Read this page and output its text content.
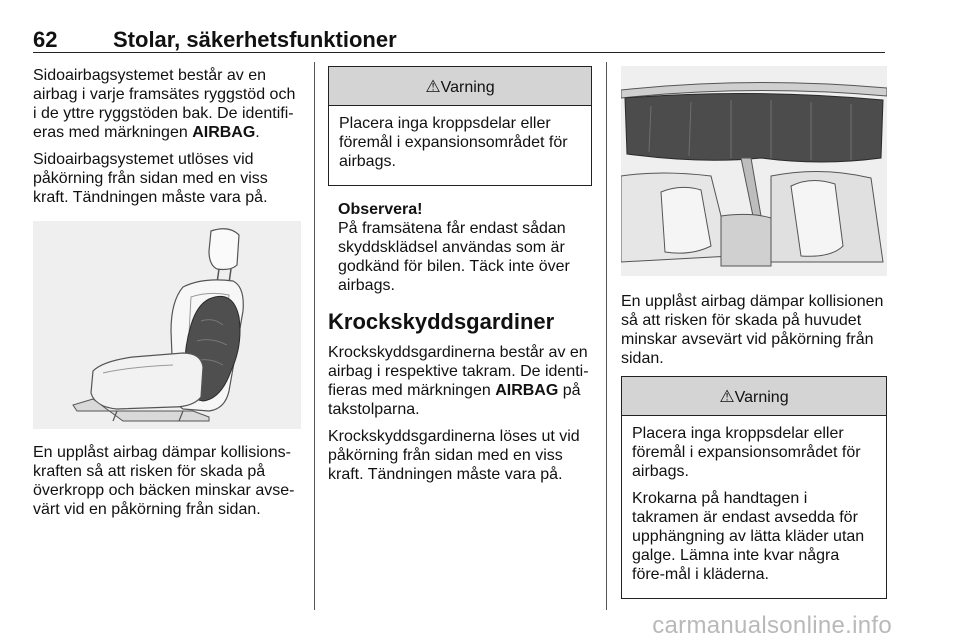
62	Stolar, säkerhetsfunktioner

Sidoairbagsystemet består av en airbag i varje framsätes ryggstöd och i de yttre ryggstöden bak. De identifi-eras med märkningen AIRBAG.

Sidoairbagsystemet utlöses vid påkörning från sidan med en viss kraft. Tändningen måste vara på.

En upplåst airbag dämpar kollisions-kraften så att risken för skada på överkropp och bäcken minskar avse-värt vid en påkörning från sidan.

⚠Varning

Placera inga kroppsdelar eller föremål i expansionsområdet för airbags.

Observera!

På framsätena får endast sådan skyddsklädsel användas som är godkänd för bilen. Täck inte över airbags.

Krockskyddsgardiner

Krockskyddsgardinerna består av en airbag i respektive takram. De identi-fieras med märkningen AIRBAG på takstolparna.

Krockskyddsgardinerna löses ut vid påkörning från sidan med en viss kraft. Tändningen måste vara på.

En upplåst airbag dämpar kollisionen så att risken för skada på huvudet minskar avsevärt vid påkörning från sidan.

⚠Varning

Placera inga kroppsdelar eller föremål i expansionsområdet för airbags.

Krokarna på handtagen i takramen är endast avsedda för upphängning av lätta kläder utan galge. Lämna inte kvar några före-mål i kläderna.

carmanualsonline.info
